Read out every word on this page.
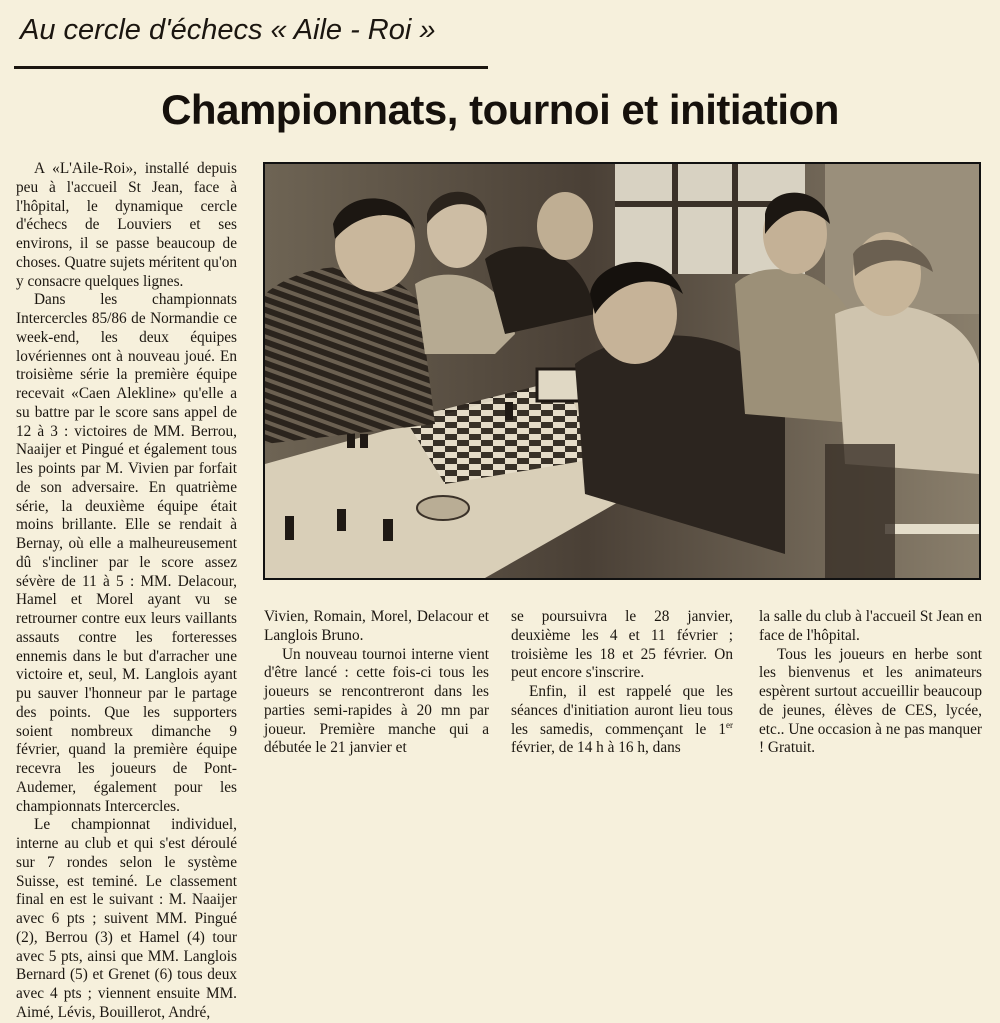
Au cercle d'échecs « Aile - Roi »
Championnats, tournoi et initiation

A «L'Aile-Roi», installé depuis peu à l'accueil St Jean, face à l'hôpital, le dynamique cercle d'échecs de Louviers et ses environs, il se passe beaucoup de choses. Quatre sujets méritent qu'on y consacre quelques lignes.

Dans les championnats Intercercles 85/86 de Normandie ce week-end, les deux équipes lovériennes ont à nouveau joué. En troisième série la première équipe recevait «Caen Alekline» qu'elle a su battre par le score sans appel de 12 à 3 : victoires de MM. Berrou, Naaijer et Pingué et également tous les points par M. Vivien par forfait de son adversaire. En quatrième série, la deuxième équipe était moins brillante. Elle se rendait à Bernay, où elle a malheureusement dû s'incliner par le score assez sévère de 11 à 5 : MM. Delacour, Hamel et Morel ayant vu se retrourner contre eux leurs vaillants assauts contre les forteresses ennemis dans le but d'arracher une victoire et, seul, M. Langlois ayant pu sauver l'honneur par le partage des points. Que les supporters soient nombreux dimanche 9 février, quand la première équipe recevra les joueurs de Pont-Audemer, également pour les championnats Intercercles.

Le championnat individuel, interne au club et qui s'est déroulé sur 7 rondes selon le système Suisse, est teminé. Le classement final en est le suivant : M. Naaijer avec 6 pts ; suivent MM. Pingué (2), Berrou (3) et Hamel (4) tour avec 5 pts, ainsi que MM. Langlois Bernard (5) et Grenet (6) tous deux avec 4 pts ; viennent ensuite MM. Aimé, Lévis, Bouillerot, André,

Vivien, Romain, Morel, Delacour et Langlois Bruno.

Un nouveau tournoi interne vient d'être lancé : cette fois-ci tous les joueurs se rencontreront dans les parties semi-rapides à 20 mn par joueur. Première manche qui a débutée le 21 janvier et

se poursuivra le 28 janvier, deuxième les 4 et 11 février ; troisième les 18 et 25 février. On peut encore s'inscrire.

Enfin, il est rappelé que les séances d'initiation auront lieu tous les samedis, commençant le 1er février, de 14 h à 16 h, dans

la salle du club à l'accueil St Jean en face de l'hôpital.

Tous les joueurs en herbe sont les bienvenus et les animateurs espèrent surtout accueillir beaucoup de jeunes, élèves de CES, lycée, etc.. Une occasion à ne pas manquer ! Gratuit.
